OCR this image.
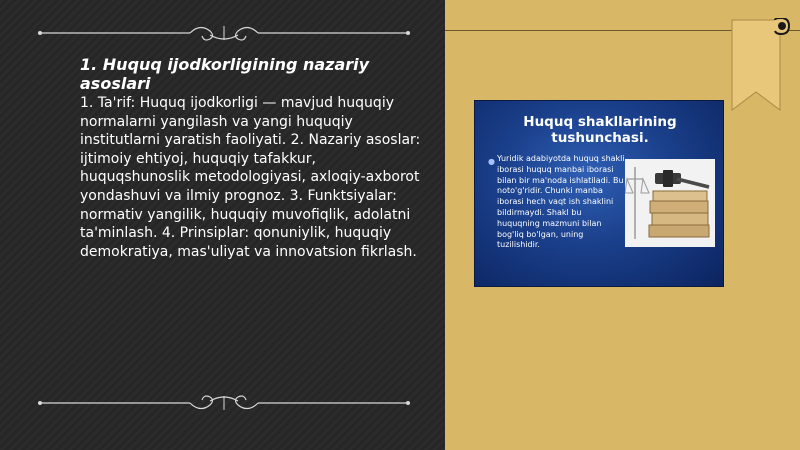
1. Huquq ijodkorligining nazariy asoslari
1. Ta'rif: Huquq ijodkorligi — mavjud huquqiy normalarni yangilash va yangi huquqiy institutlarni yaratish faoliyati. 2. Nazariy asoslar: ijtimoiy ehtiyoj, huquqiy tafakkur, huquqshunoslik metodologiyasi, axloqiy-axborot yondashuvi va ilmiy prognoz. 3. Funktsiyalar: normativ yangilik, huquqiy muvofiqlik, adolatni ta'minlash. 4. Prinsiplar: qonuniylik, huquqiy demokratiya, mas'uliyat va innovatsion fikrlash.
Huquq shakllarining tushunchasi.
● Yuridik adabiyotda huquq shakli iborasi huquq manbai iborasi bilan bir ma'noda ishlatiladi. Bu noto'g'ridir. Chunki manba iborasi hech vaqt ish shaklini bildirmaydi. Shakl bu huquqning mazmuni bilan bog'liq bo'lgan, uning tuzilishidir.
